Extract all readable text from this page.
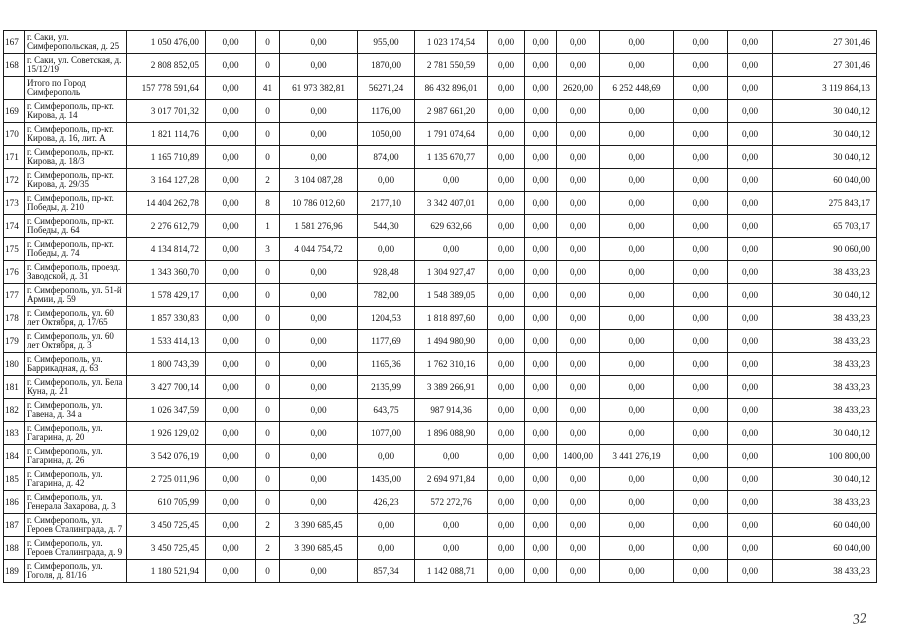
167	г. Саки, ул. Симферопольская, д. 25	1 050 476,00	0,00	0	0,00	955,00	1 023 174,54	0,00	0,00	0,00	0,00	0,00	0,00	27 301,46
168	г. Саки, ул. Советская, д. 15/12/19	2 808 852,05	0,00	0	0,00	1870,00	2 781 550,59	0,00	0,00	0,00	0,00	0,00	0,00	27 301,46
	Итого по Город Симферополь	157 778 591,64	0,00	41	61 973 382,81	56271,24	86 432 896,01	0,00	0,00	2620,00	6 252 448,69	0,00	0,00	3 119 864,13
169	г. Симферополь, пр-кт. Кирова, д. 14	3 017 701,32	0,00	0	0,00	1176,00	2 987 661,20	0,00	0,00	0,00	0,00	0,00	0,00	30 040,12
170	г. Симферополь, пр-кт. Кирова, д. 16, лит. А	1 821 114,76	0,00	0	0,00	1050,00	1 791 074,64	0,00	0,00	0,00	0,00	0,00	0,00	30 040,12
171	г. Симферополь, пр-кт. Кирова, д. 18/3	1 165 710,89	0,00	0	0,00	874,00	1 135 670,77	0,00	0,00	0,00	0,00	0,00	0,00	30 040,12
172	г. Симферополь, пр-кт. Кирова, д. 29/35	3 164 127,28	0,00	2	3 104 087,28	0,00	0,00	0,00	0,00	0,00	0,00	0,00	0,00	60 040,00
173	г. Симферополь, пр-кт. Победы, д. 210	14 404 262,78	0,00	8	10 786 012,60	2177,10	3 342 407,01	0,00	0,00	0,00	0,00	0,00	0,00	275 843,17
174	г. Симферополь, пр-кт. Победы, д. 64	2 276 612,79	0,00	1	1 581 276,96	544,30	629 632,66	0,00	0,00	0,00	0,00	0,00	0,00	65 703,17
175	г. Симферополь, пр-кт. Победы, д. 74	4 134 814,72	0,00	3	4 044 754,72	0,00	0,00	0,00	0,00	0,00	0,00	0,00	0,00	90 060,00
176	г. Симферополь, проезд. Заводской, д. 31	1 343 360,70	0,00	0	0,00	928,48	1 304 927,47	0,00	0,00	0,00	0,00	0,00	0,00	38 433,23
177	г. Симферополь, ул. 51-й Армии, д. 59	1 578 429,17	0,00	0	0,00	782,00	1 548 389,05	0,00	0,00	0,00	0,00	0,00	0,00	30 040,12
178	г. Симферополь, ул. 60 лет Октября, д. 17/65	1 857 330,83	0,00	0	0,00	1204,53	1 818 897,60	0,00	0,00	0,00	0,00	0,00	0,00	38 433,23
179	г. Симферополь, ул. 60 лет Октября, д. 3	1 533 414,13	0,00	0	0,00	1177,69	1 494 980,90	0,00	0,00	0,00	0,00	0,00	0,00	38 433,23
180	г. Симферополь, ул. Баррикадная, д. 63	1 800 743,39	0,00	0	0,00	1165,36	1 762 310,16	0,00	0,00	0,00	0,00	0,00	0,00	38 433,23
181	г. Симферополь, ул. Бела Куна, д. 21	3 427 700,14	0,00	0	0,00	2135,99	3 389 266,91	0,00	0,00	0,00	0,00	0,00	0,00	38 433,23
182	г. Симферополь, ул. Гавена, д. 34 а	1 026 347,59	0,00	0	0,00	643,75	987 914,36	0,00	0,00	0,00	0,00	0,00	0,00	38 433,23
183	г. Симферополь, ул. Гагарина, д. 20	1 926 129,02	0,00	0	0,00	1077,00	1 896 088,90	0,00	0,00	0,00	0,00	0,00	0,00	30 040,12
184	г. Симферополь, ул. Гагарина, д. 26	3 542 076,19	0,00	0	0,00	0,00	0,00	0,00	0,00	1400,00	3 441 276,19	0,00	0,00	100 800,00
185	г. Симферополь, ул. Гагарина, д. 42	2 725 011,96	0,00	0	0,00	1435,00	2 694 971,84	0,00	0,00	0,00	0,00	0,00	0,00	30 040,12
186	г. Симферополь, ул. Генерала Захарова, д. 3	610 705,99	0,00	0	0,00	426,23	572 272,76	0,00	0,00	0,00	0,00	0,00	0,00	38 433,23
187	г. Симферополь, ул. Героев Сталинграда, д. 7	3 450 725,45	0,00	2	3 390 685,45	0,00	0,00	0,00	0,00	0,00	0,00	0,00	0,00	60 040,00
188	г. Симферополь, ул. Героев Сталинграда, д. 9	3 450 725,45	0,00	2	3 390 685,45	0,00	0,00	0,00	0,00	0,00	0,00	0,00	0,00	60 040,00
189	г. Симферополь, ул. Гоголя, д. 81/16	1 180 521,94	0,00	0	0,00	857,34	1 142 088,71	0,00	0,00	0,00	0,00	0,00	0,00	38 433,23
32
